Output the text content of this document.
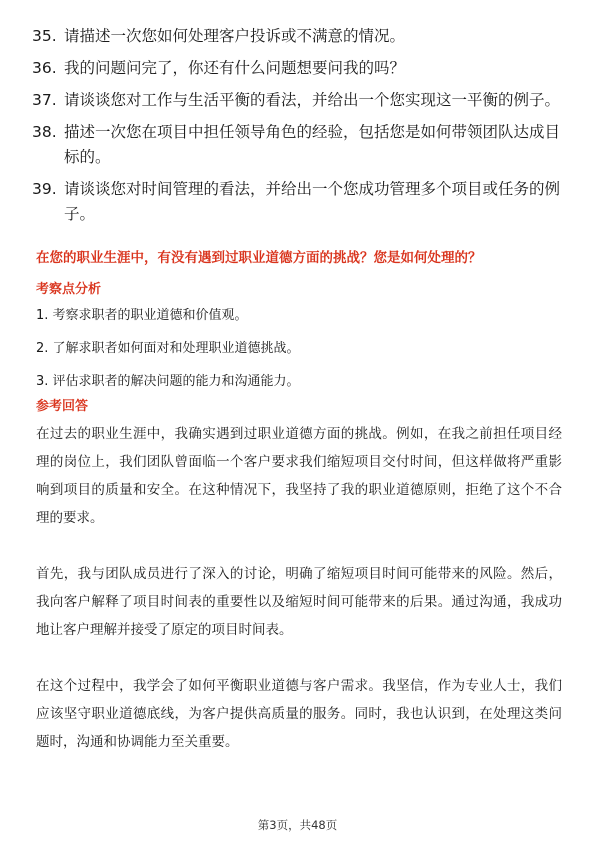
35. 请描述一次您如何处理客户投诉或不满意的情况。
36. 我的问题问完了，你还有什么问题想要问我的吗？
37. 请谈谈您对工作与生活平衡的看法，并给出一个您实现这一平衡的例子。
38. 描述一次您在项目中担任领导角色的经验，包括您是如何带领团队达成目标的。
39. 请谈谈您对时间管理的看法，并给出一个您成功管理多个项目或任务的例子。
在您的职业生涯中，有没有遇到过职业道德方面的挑战？您是如何处理的？
考察点分析
1. 考察求职者的职业道德和价值观。
2. 了解求职者如何面对和处理职业道德挑战。
3. 评估求职者的解决问题的能力和沟通能力。
参考回答

在过去的职业生涯中，我确实遇到过职业道德方面的挑战。例如，在我之前担任项目经理的岗位上，我们团队曾面临一个客户要求我们缩短项目交付时间，但这样做将严重影响到项目的质量和安全。在这种情况下，我坚持了我的职业道德原则，拒绝了这个不合理的要求。

首先，我与团队成员进行了深入的讨论，明确了缩短项目时间可能带来的风险。然后，我向客户解释了项目时间表的重要性以及缩短时间可能带来的后果。通过沟通，我成功地让客户理解并接受了原定的项目时间表。

在这个过程中，我学会了如何平衡职业道德与客户需求。我坚信，作为专业人士，我们应该坚守职业道德底线，为客户提供高质量的服务。同时，我也认识到，在处理这类问题时，沟通和协调能力至关重要。

第3页，共48页
